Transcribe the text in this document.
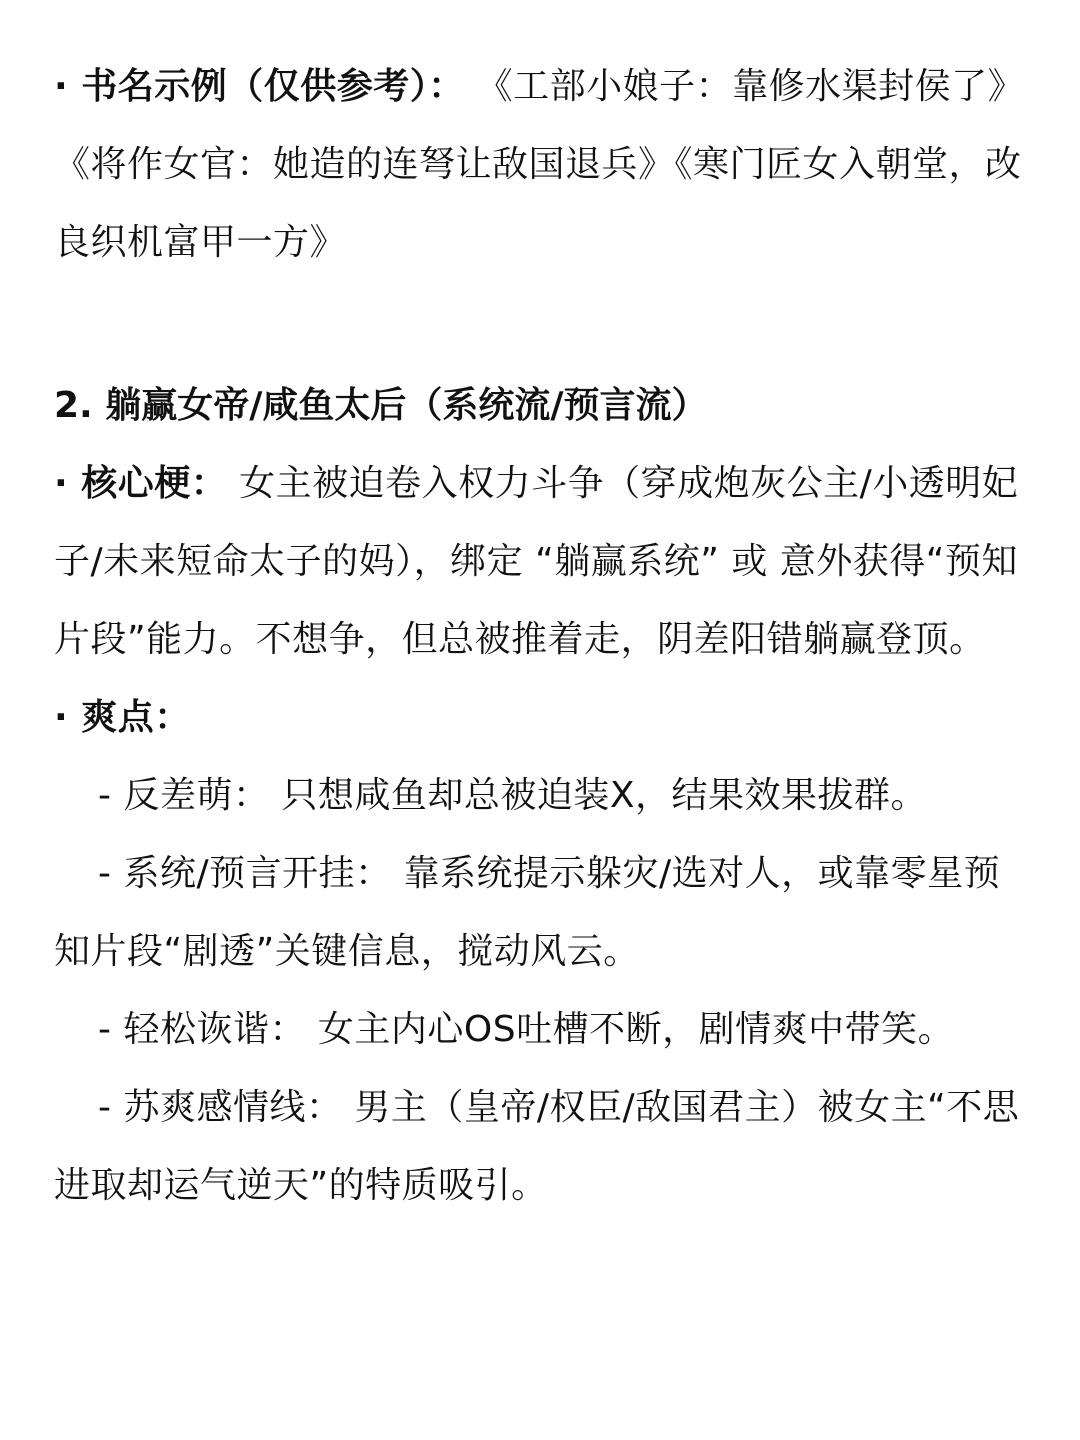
· 书名示例（仅供参考）： 《工部小娘子：靠修水渠封侯了》《将作女官：她造的连弩让敌国退兵》《寒门匠女入朝堂，改良织机富甲一方》

2. 躺赢女帝/咸鱼太后（系统流/预言流）

· 核心梗： 女主被迫卷入权力斗争（穿成炮灰公主/小透明妃子/未来短命太子的妈），绑定 “躺赢系统” 或 意外获得“预知片段”能力。不想争，但总被推着走，阴差阳错躺赢登顶。

· 爽点：

- 反差萌： 只想咸鱼却总被迫装X，结果效果拔群。

- 系统/预言开挂： 靠系统提示躲灾/选对人，或靠零星预知片段“剧透”关键信息，搅动风云。

- 轻松诙谐： 女主内心OS吐槽不断，剧情爽中带笑。

- 苏爽感情线： 男主（皇帝/权臣/敌国君主）被女主“不思进取却运气逆天”的特质吸引。
